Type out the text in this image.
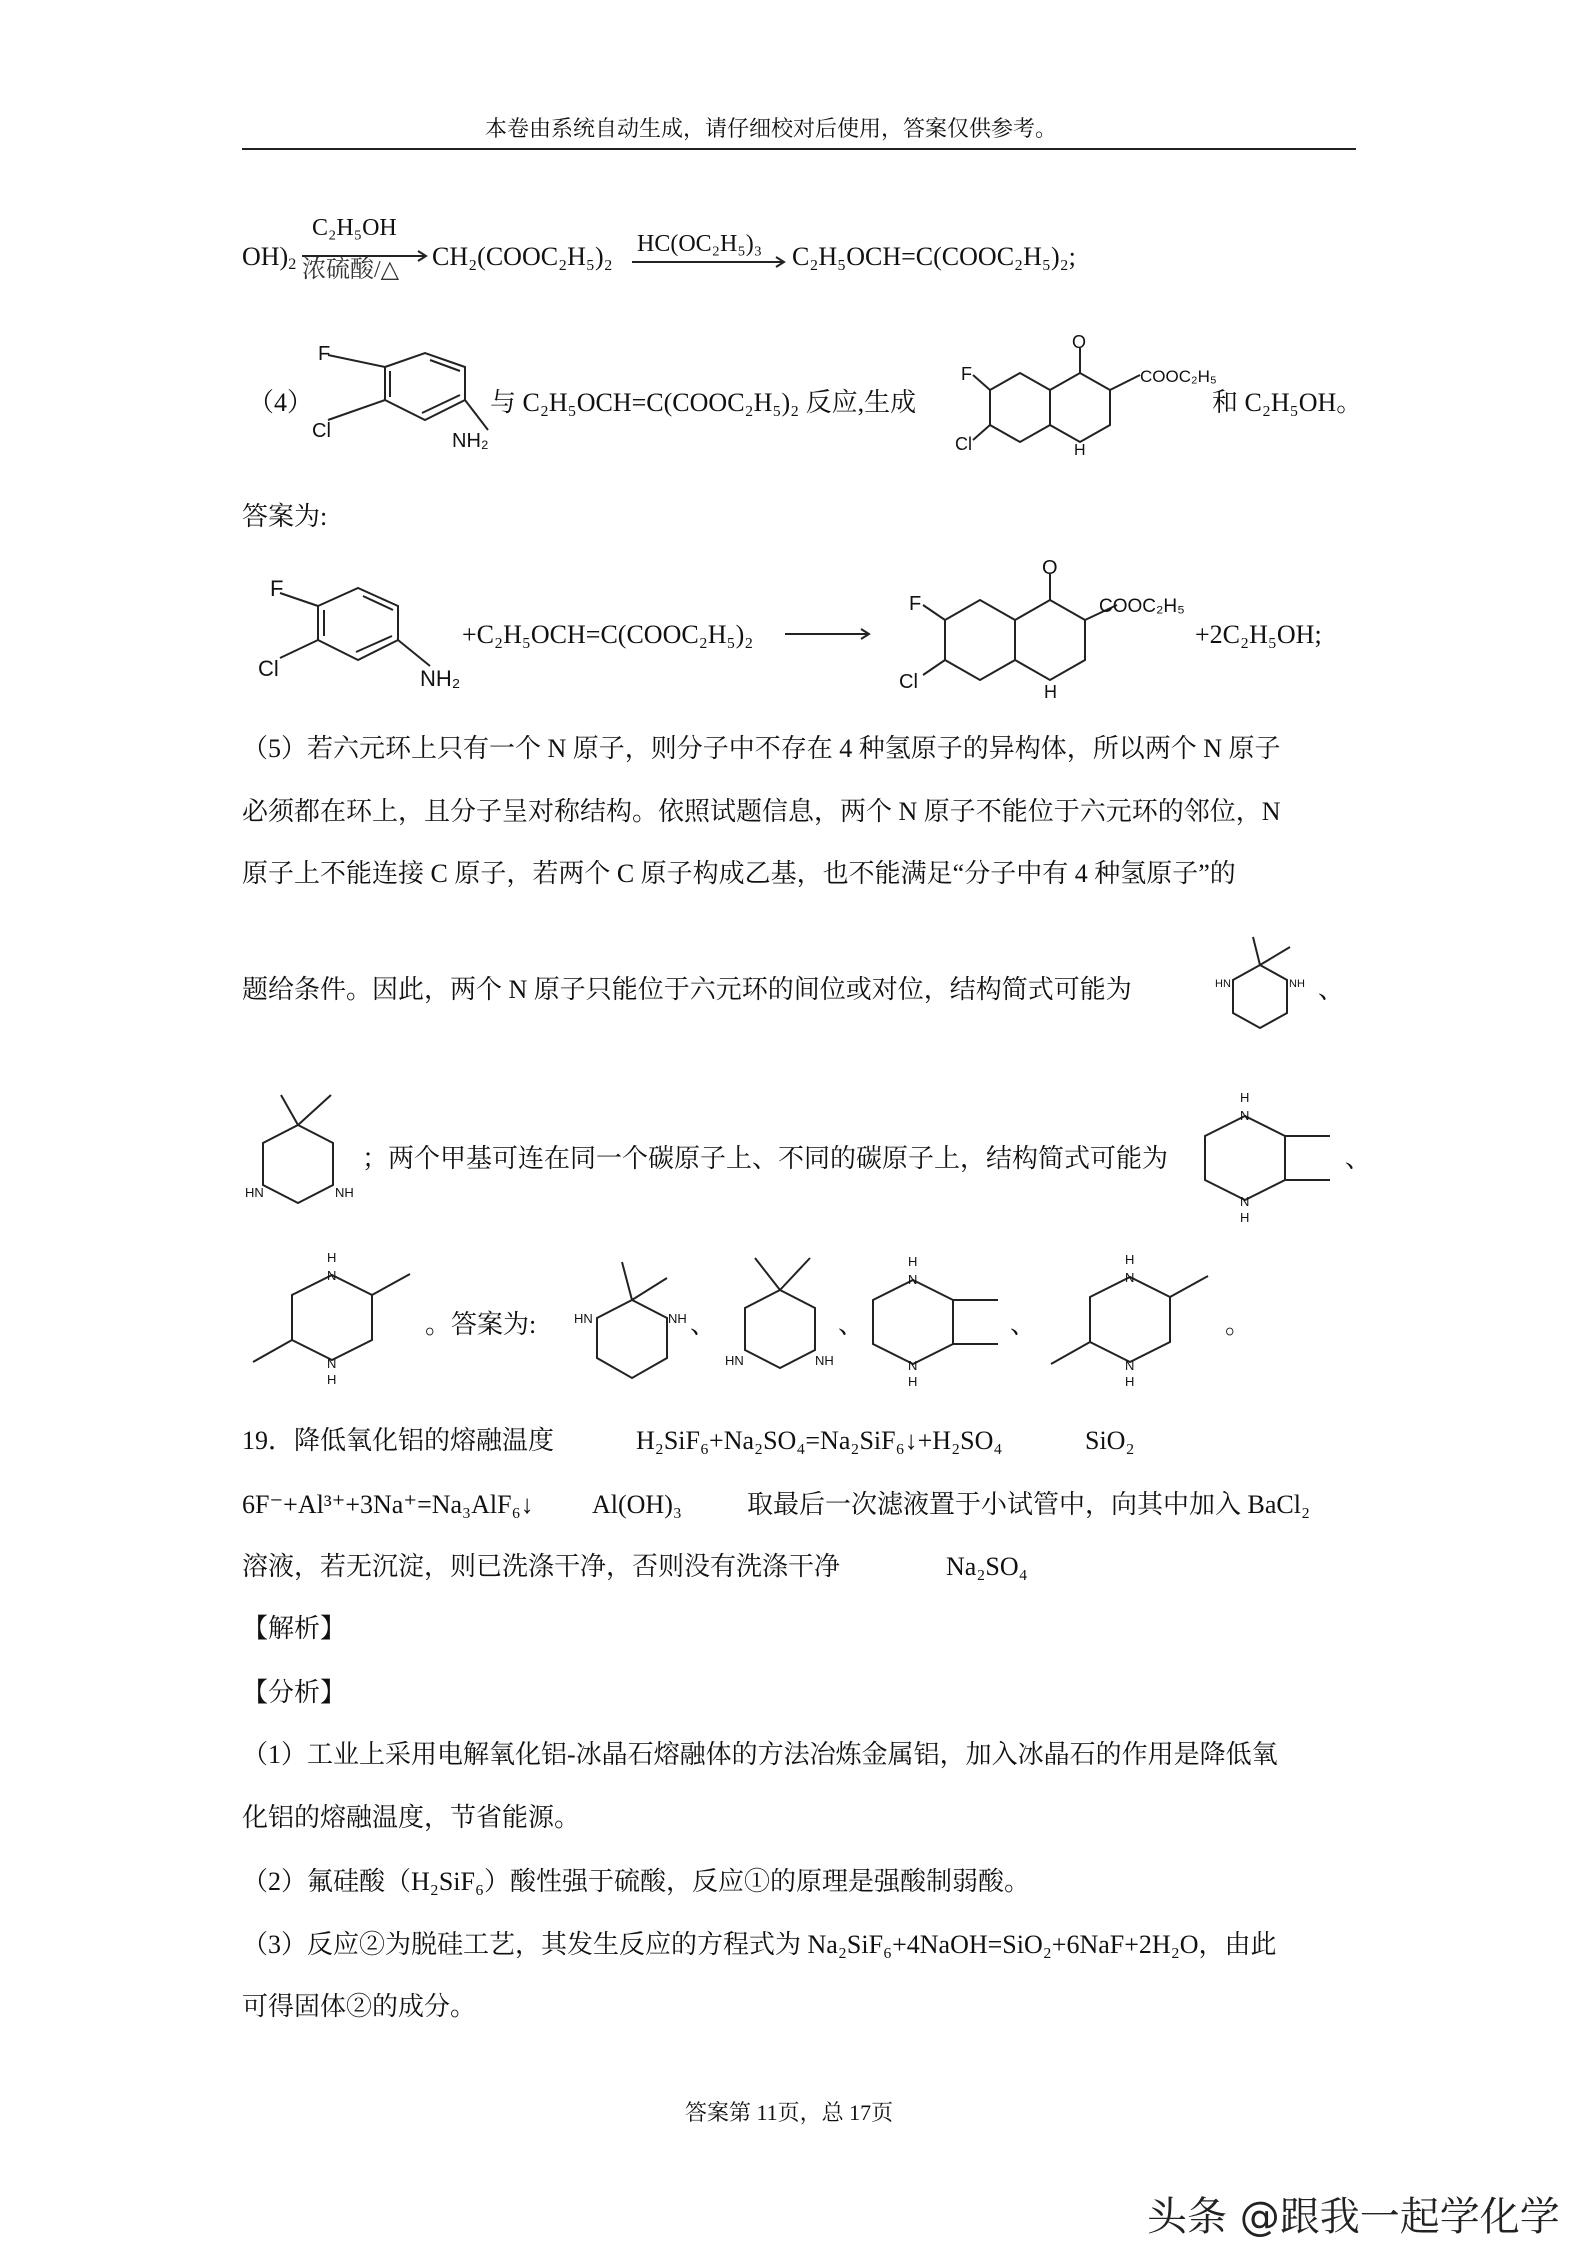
本卷由系统自动生成，请仔细校对后使用，答案仅供参考。
$OH)_2$
C₂H₅OH
浓硫酸/△ CH₂(COOC₂H₅)₂ HC(OC₂H₅)₃ C₂H₅OCH=C(COOC₂H₅)₂;
（4）
F
Cl	NH₂
与 C₂H₅OCH=C(COOC₂H₅)₂ 反应,生成
O
COOC₂H₅
F
Cl	H
和 C₂H₅OH。
答案为:
F
Cl	NH₂
+C₂H₅OCH=C(COOC₂H₅)₂
O
COOC₂H₅
F
Cl	H
+2C₂H₅OH;
（5）若六元环上只有一个 N 原子，则分子中不存在 4 种氢原子的异构体，所以两个 N 原子
必须都在环上，且分子呈对称结构。依照试题信息，两个 N 原子不能位于六元环的邻位，N
原子上不能连接 C 原子，若两个 C 原子构成乙基，也不能满足“分子中有 4 种氢原子”的
题给条件。因此，两个 N 原子只能位于六元环的间位或对位，结构简式可能为	HN	NH 、
HN	NH
；两个甲基可连在同一个碳原子上、不同的碳原子上，结构简式可能为
H
N
N
H
、
H
N
N
H
。答案为:	HN	NH 、
HN	NH
、
H
N
N
H
、
H
N
N
H
。
19．降低氧化铝的熔融温度	H₂SiF₆+Na₂SO₄=Na₂SiF₆↓+H₂SO₄	SiO₂
6F⁻+Al³⁺+3Na⁺=Na₃AlF₆↓ Al(OH)₃	取最后一次滤液置于小试管中，向其中加入 BaCl₂
溶液，若无沉淀，则已洗涤干净，否则没有洗涤干净	Na₂SO₄
【解析】
【分析】
（1）工业上采用电解氧化铝-冰晶石熔融体的方法冶炼金属铝，加入冰晶石的作用是降低氧
化铝的熔融温度，节省能源。
（2）氟硅酸（H₂SiF₆）酸性强于硫酸，反应①的原理是强酸制弱酸。
（3）反应②为脱硅工艺，其发生反应的方程式为 Na₂SiF₆+4NaOH=SiO₂+6NaF+2H₂O，由此
可得固体②的成分。
答案第 11页，总 17页
头条 @跟我一起学化学
